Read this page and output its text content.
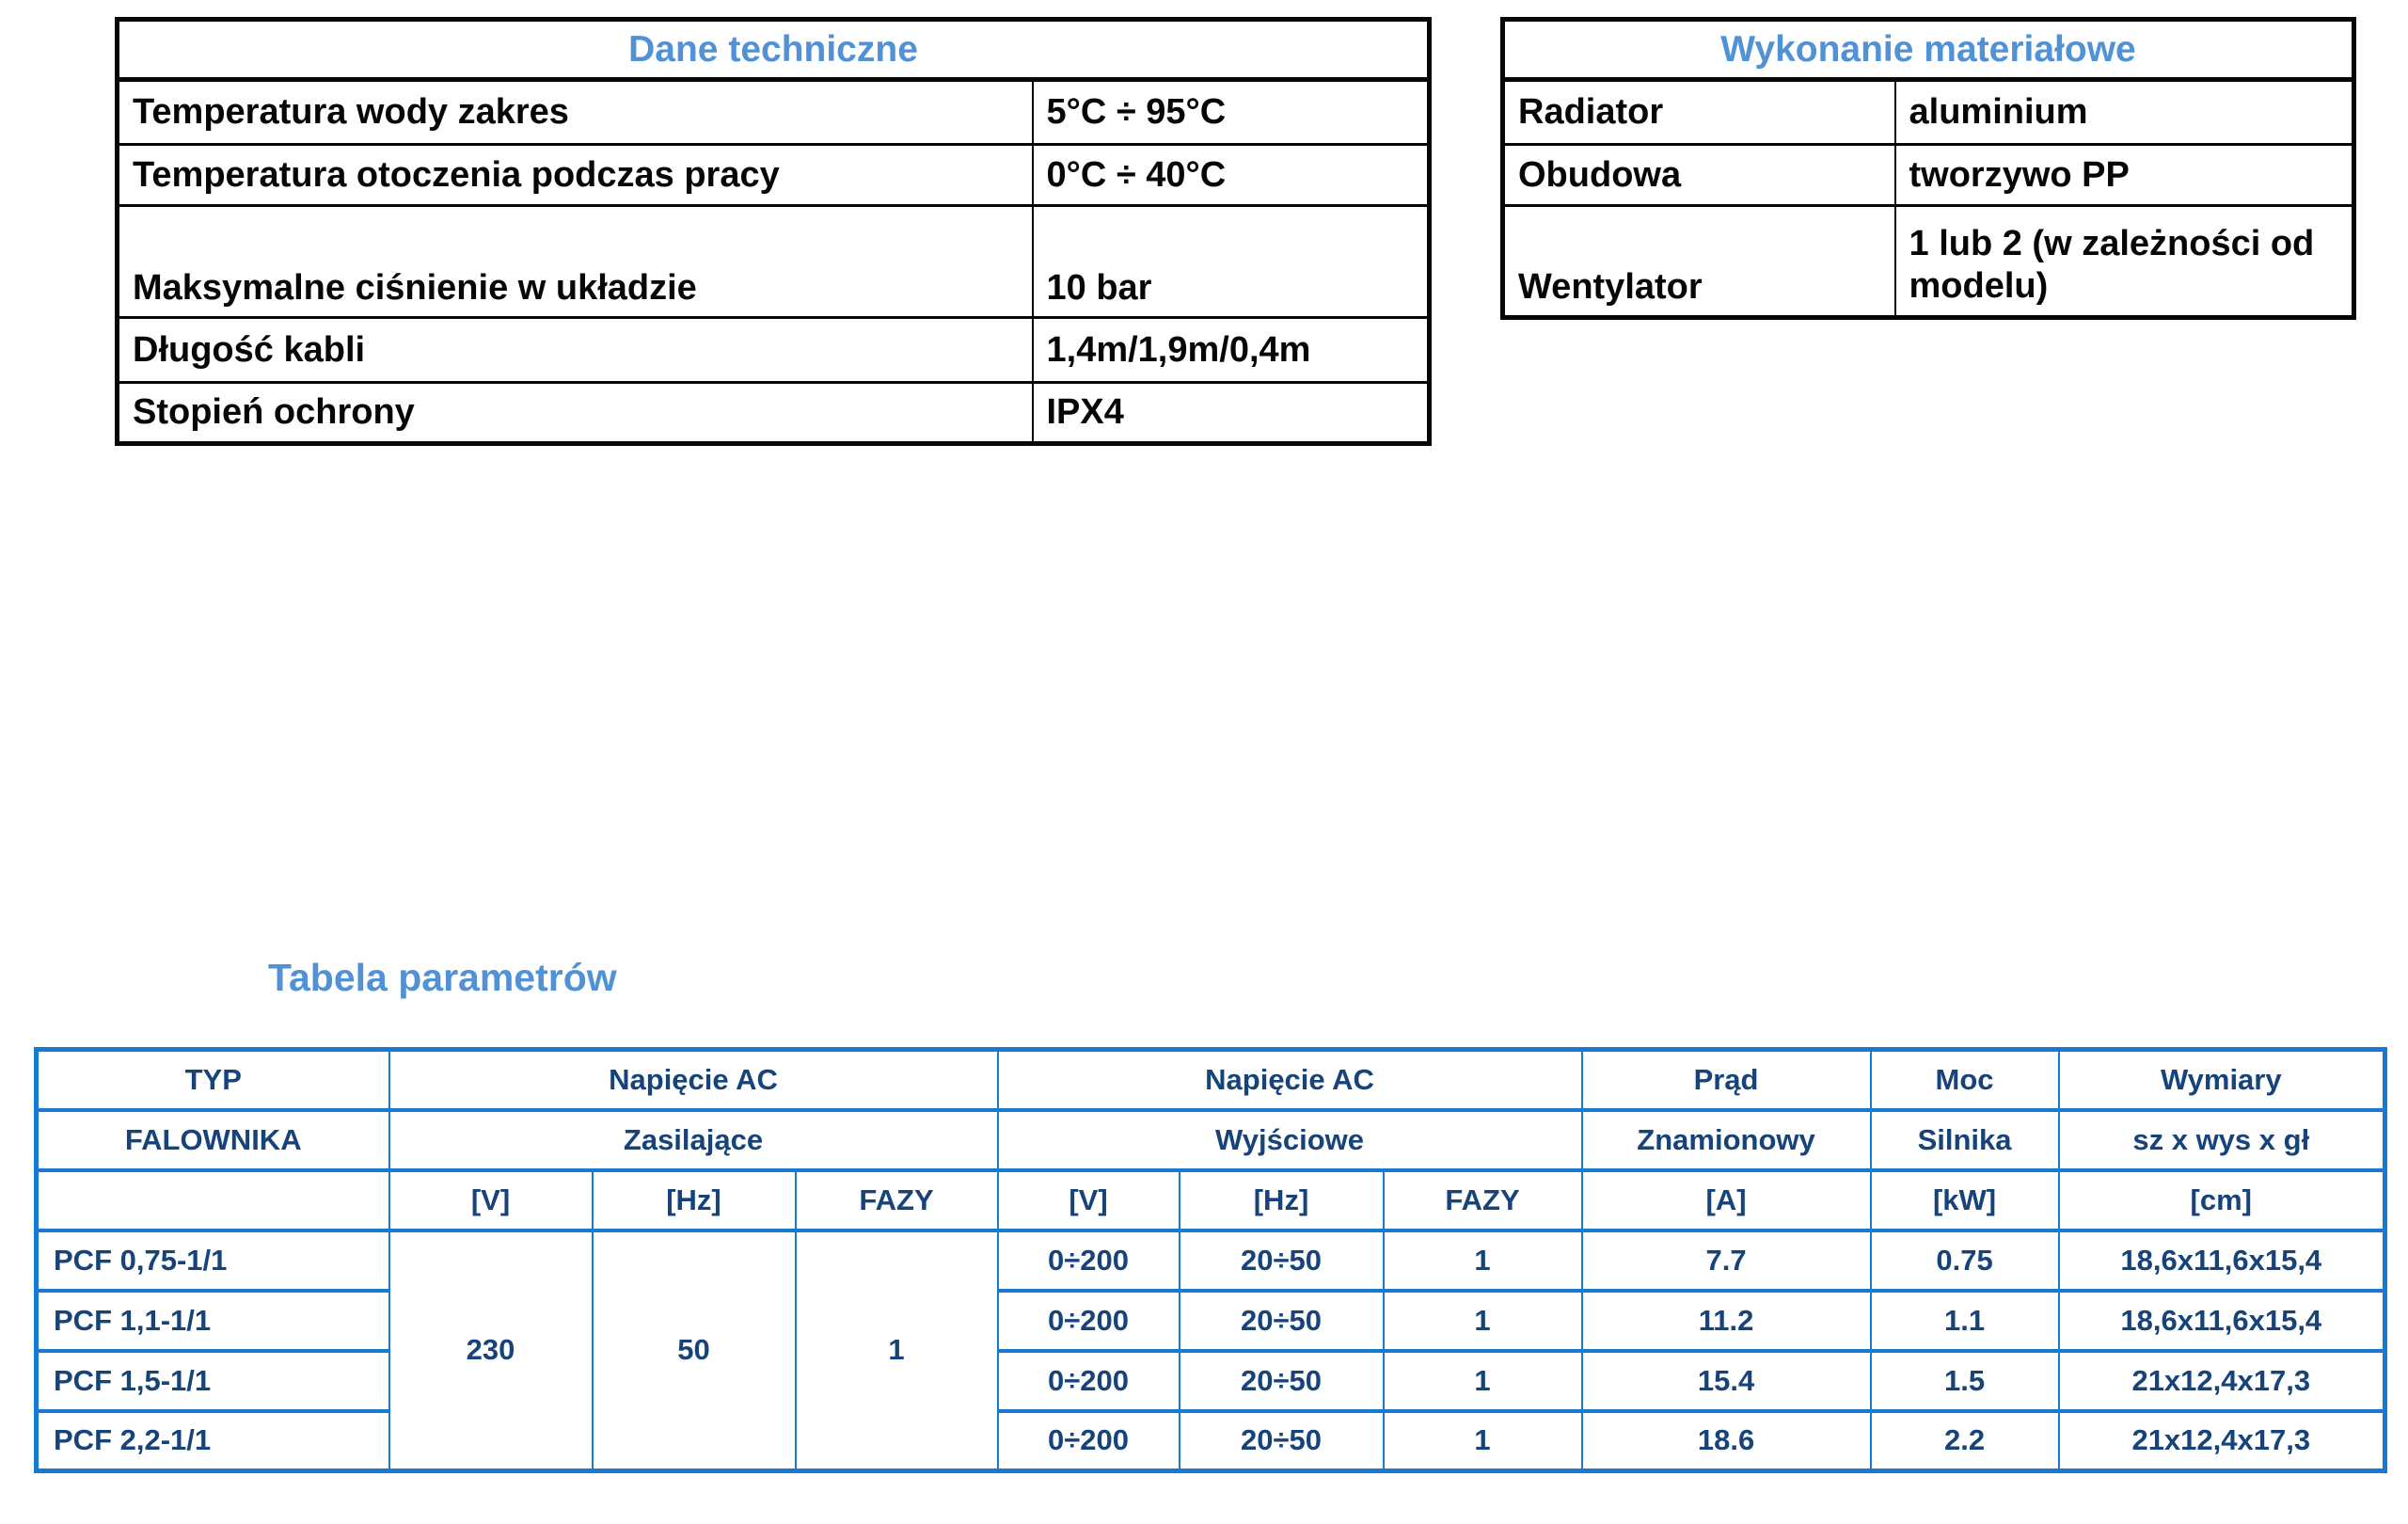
Dane techniczne	
Temperatura wody zakres	5°C ÷ 95°C
Temperatura otoczenia podczas pracy	0°C ÷ 40°C
Maksymalne ciśnienie w układzie	10 bar
Długość kabli	1,4m/1,9m/0,4m
Stopień ochrony	IPX4
Wykonanie materiałowe	
Radiator	aluminium
Obudowa	tworzywo PP
Wentylator	1 lub 2 (w zależności od modelu)
Tabela parametrów
TYP	Napięcie AC			Napięcie AC			Prąd	Moc	Wymiary
FALOWNIKA	Zasilające			Wyjściowe			Znamionowy	Silnika	sz x wys x gł
	[V]	[Hz]	FAZY	[V]	[Hz]	FAZY	[A]	[kW]	[cm]
PCF 0,75-1/1	230	50	1	0÷200	20÷50	1	7.7	0.75	18,6x11,6x15,4
PCF 1,1-1/1				0÷200	20÷50	1	11.2	1.1	18,6x11,6x15,4
PCF 1,5-1/1				0÷200	20÷50	1	15.4	1.5	21x12,4x17,3
PCF 2,2-1/1				0÷200	20÷50	1	18.6	2.2	21x12,4x17,3
